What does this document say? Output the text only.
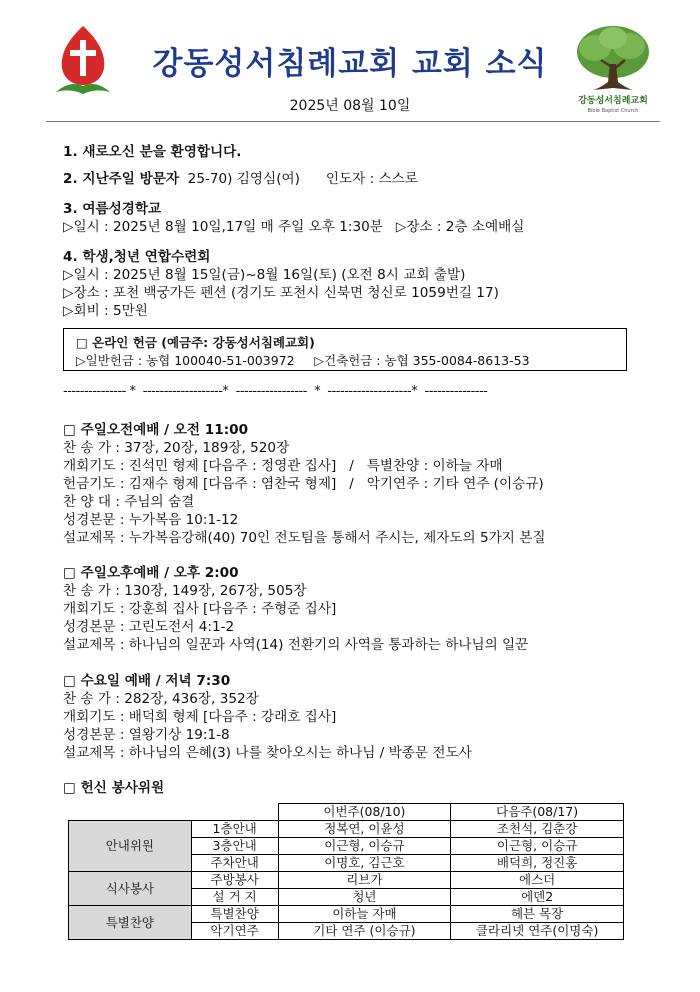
강동성서침례교회 교회 소식
강동성서침례교회
Bible Baptist Church
2025년 08월 10일
1. 새로오신 분을 환영합니다.
2. 지난주일 방문자 25-70) 김영심(여)      인도자 : 스스로
3. 여름성경학교
▷일시 : 2025년 8월 10일,17일 매 주일 오후 1:30분   ▷장소 : 2층 소예배실
4. 학생,청년 연합수련회
▷일시 : 2025년 8월 15일(금)~8월 16일(토) (오전 8시 교회 출발)
▷장소 : 포천 백궁가든 펜션 (경기도 포천시 신북면 청신로 1059번길 17)
▷회비 : 5만원
□ 온라인 헌금 (예금주: 강동성서침례교회)
▷일반헌금 : 농협 100040-51-003972     ▷건축헌금 : 농협 355-0084-8613-53
--------------- *  -------------------*  -----------------  *  --------------------*  ---------------
□ 주일오전예배 / 오전 11:00
찬 송 가 : 37장, 20장, 189장, 520장
개회기도 : 진석민 형제 [다음주 : 정영관 집사]   /   특별찬양 : 이하늘 자매
헌금기도 : 김재수 형제 [다음주 : 염찬국 형제]   /   악기연주 : 기타 연주 (이승규)
찬 양 대 : 주님의 숨결
성경본문 : 누가복음 10:1-12
설교제목 : 누가복음강해(40) 70인 전도팀을 통해서 주시는, 제자도의 5가지 본질
□ 주일오후예배 / 오후 2:00
찬 송 가 : 130장, 149장, 267장, 505장
개회기도 : 강훈희 집사 [다음주 : 주형준 집사]
성경본문 : 고린도전서 4:1-2
설교제목 : 하나님의 일꾼과 사역(14) 전환기의 사역을 통과하는 하나님의 일꾼
□ 수요일 예배 / 저녁 7:30
찬 송 가 : 282장, 436장, 352장
개회기도 : 배덕희 형제 [다음주 : 강래호 집사]
성경본문 : 열왕기상 19:1-8
설교제목 : 하나님의 은혜(3) 나를 찾아오시는 하나님 / 박종문 전도사
□ 헌신 봉사위원
		이번주(08/10)	다음주(08/17)
안내위원	1층안내	정복연, 이윤성	조천석, 김춘강
	3층안내	이근형, 이승규	이근형, 이승규
	주차안내	이명호, 김근호	배덕희, 정진홍
식사봉사	주방봉사	리브가	에스더
	설 거 지	청년	에덴2
특별찬양	특별찬양	이하늘 자매	헤븐 목장
	악기연주	기타 연주 (이승규)	클라리넷 연주(이명숙)
